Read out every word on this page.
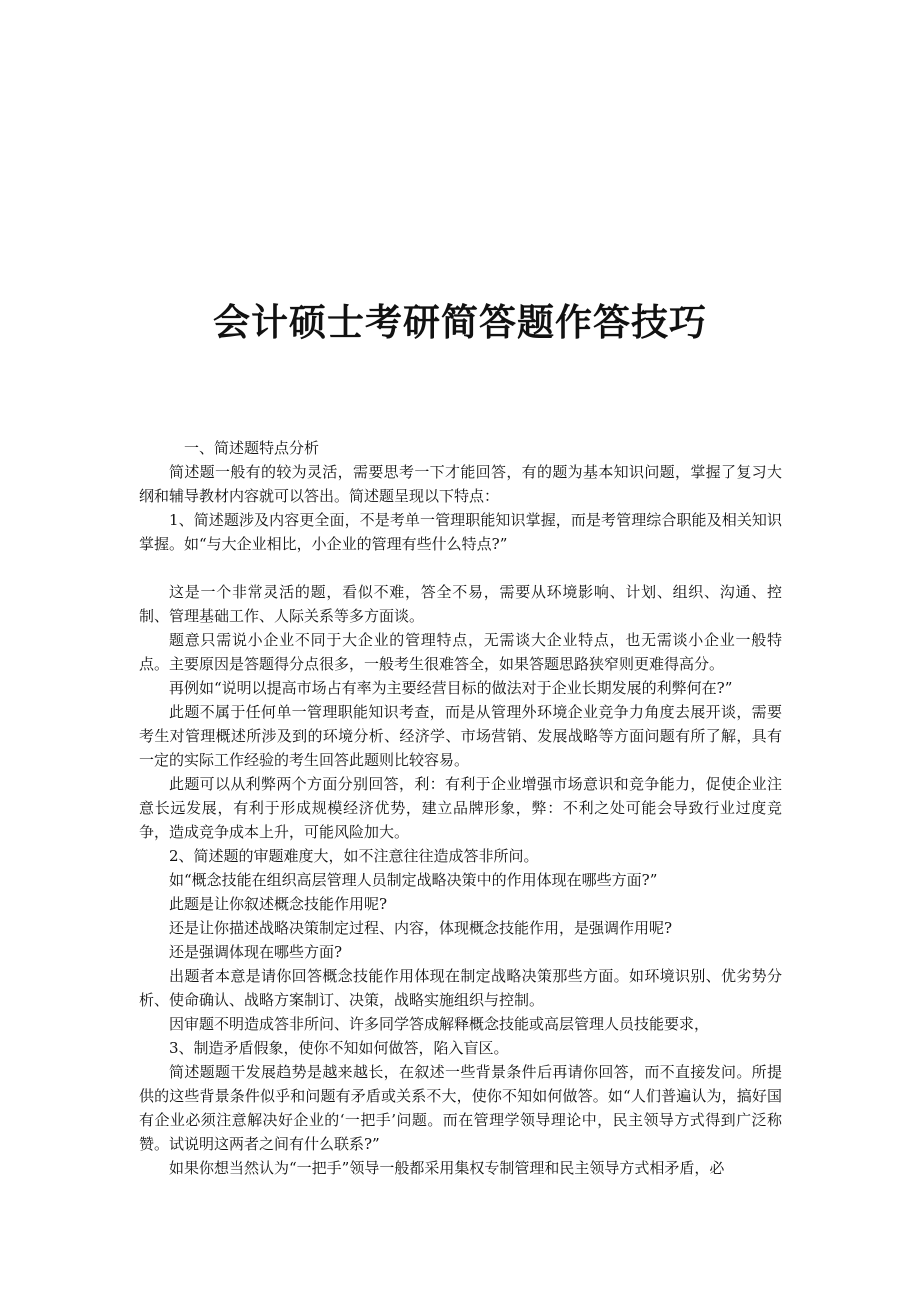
会计硕士考研简答题作答技巧

一、简述题特点分析

简述题一般有的较为灵活，需要思考一下才能回答，有的题为基本知识问题，掌握了复习大纲和辅导教材内容就可以答出。简述题呈现以下特点：

1、简述题涉及内容更全面，不是考单一管理职能知识掌握，而是考管理综合职能及相关知识掌握。如“与大企业相比，小企业的管理有些什么特点?”

这是一个非常灵活的题，看似不难，答全不易，需要从环境影响、计划、组织、沟通、控制、管理基础工作、人际关系等多方面谈。

题意只需说小企业不同于大企业的管理特点，无需谈大企业特点，也无需谈小企业一般特点。主要原因是答题得分点很多，一般考生很难答全，如果答题思路狭窄则更难得高分。

再例如“说明以提高市场占有率为主要经营目标的做法对于企业长期发展的利弊何在?”

此题不属于任何单一管理职能知识考查，而是从管理外环境企业竞争力角度去展开谈，需要考生对管理概述所涉及到的环境分析、经济学、市场营销、发展战略等方面问题有所了解，具有一定的实际工作经验的考生回答此题则比较容易。

此题可以从利弊两个方面分别回答，利：有利于企业增强市场意识和竞争能力，促使企业注意长远发展，有利于形成规模经济优势，建立品牌形象，弊：不利之处可能会导致行业过度竞争，造成竞争成本上升，可能风险加大。

2、简述题的审题难度大，如不注意往往造成答非所问。

如“概念技能在组织高层管理人员制定战略决策中的作用体现在哪些方面?”

此题是让你叙述概念技能作用呢?

还是让你描述战略决策制定过程、内容，体现概念技能作用，是强调作用呢?

还是强调体现在哪些方面?

出题者本意是请你回答概念技能作用体现在制定战略决策那些方面。如环境识别、优劣势分析、使命确认、战略方案制订、决策，战略实施组织与控制。

因审题不明造成答非所问、许多同学答成解释概念技能或高层管理人员技能要求，

3、制造矛盾假象，使你不知如何做答，陷入盲区。

简述题题干发展趋势是越来越长，在叙述一些背景条件后再请你回答，而不直接发问。所提供的这些背景条件似乎和问题有矛盾或关系不大，使你不知如何做答。如“人们普遍认为，搞好国有企业必须注意解决好企业的‘一把手’问题。而在管理学领导理论中，民主领导方式得到广泛称赞。试说明这两者之间有什么联系?”

如果你想当然认为“一把手”领导一般都采用集权专制管理和民主领导方式相矛盾，必
